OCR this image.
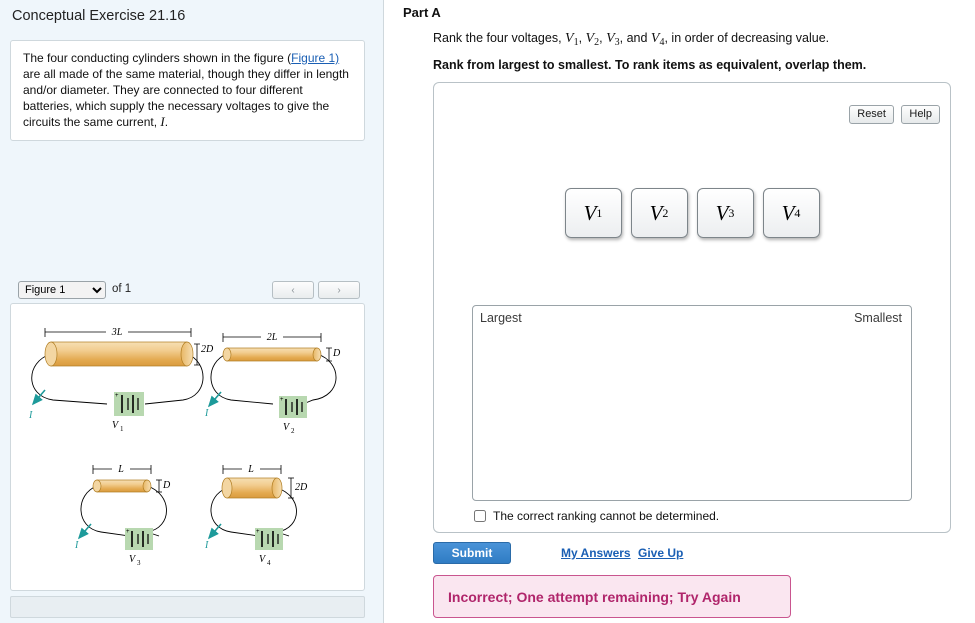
Conceptual Exercise 21.16
The four conducting cylinders shown in the figure (Figure 1) are all made of the same material, though they differ in length and/or diameter. They are connected to four different batteries, which supply the necessary voltages to give the circuits the same current, I.
Figure 1
of 1	‹	›
3L
2D
+
V 1
I
2L
D
+
V 2
I
L
D
+
V 3
I
L
2D
+
V 4
I
Part A
Rank the four voltages, $V_1$, $V_2$, $V_3$, and $V_4$, in order of decreasing value.
Rank from largest to smallest. To rank items as equivalent, overlap them.
Reset	Help
V 1 V 2 V 3 V 4
Largest	Smallest
The correct ranking cannot be determined.
Submit	My Answers Give Up
Incorrect; One attempt remaining; Try Again
